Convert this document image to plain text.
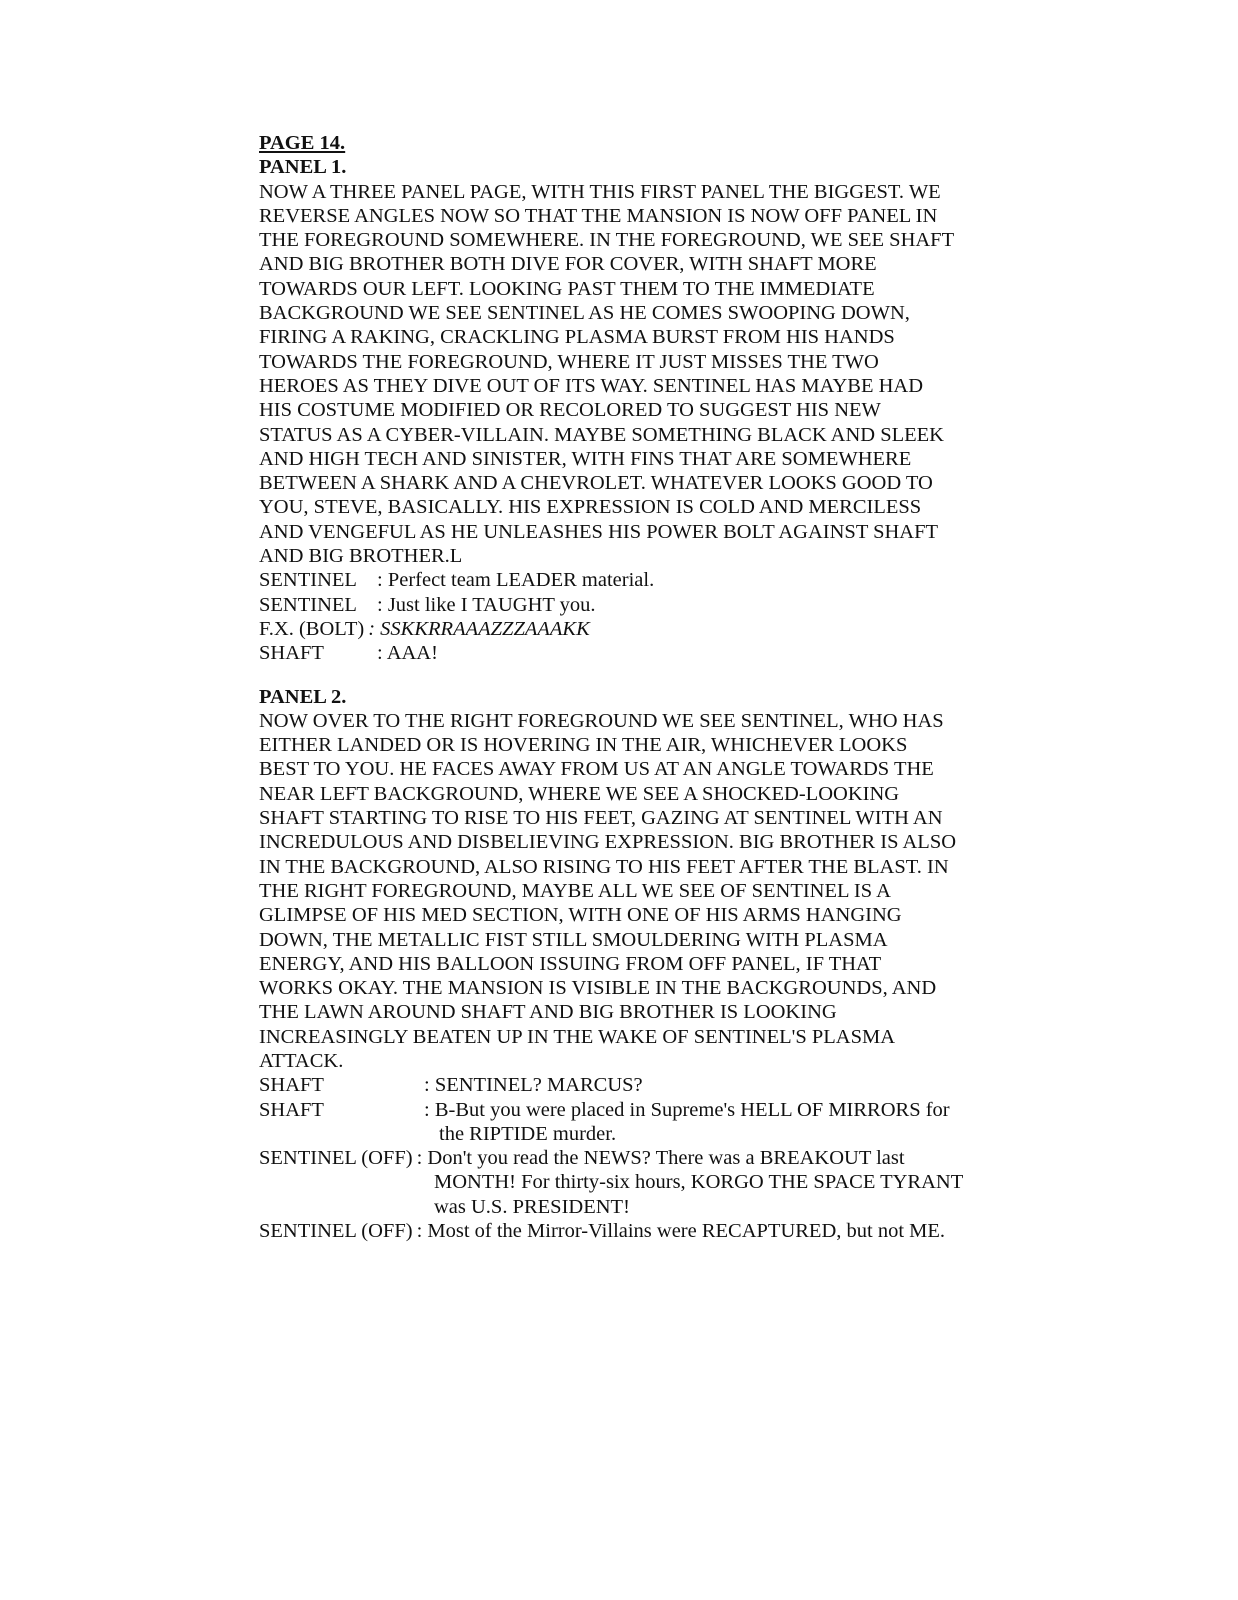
PAGE 14.
PANEL 1.
NOW A THREE PANEL PAGE, WITH THIS FIRST PANEL THE BIGGEST. WE
REVERSE ANGLES NOW SO THAT THE MANSION IS NOW OFF PANEL IN
THE FOREGROUND SOMEWHERE. IN THE FOREGROUND, WE SEE SHAFT
AND BIG BROTHER BOTH DIVE FOR COVER, WITH SHAFT MORE
TOWARDS OUR LEFT. LOOKING PAST THEM TO THE IMMEDIATE
BACKGROUND WE SEE SENTINEL AS HE COMES SWOOPING DOWN,
FIRING A RAKING, CRACKLING PLASMA BURST FROM HIS HANDS
TOWARDS THE FOREGROUND, WHERE IT JUST MISSES THE TWO
HEROES AS THEY DIVE OUT OF ITS WAY. SENTINEL HAS MAYBE HAD
HIS COSTUME MODIFIED OR RECOLORED TO SUGGEST HIS NEW
STATUS AS A CYBER-VILLAIN. MAYBE SOMETHING BLACK AND SLEEK
AND HIGH TECH AND SINISTER, WITH FINS THAT ARE SOMEWHERE
BETWEEN A SHARK AND A CHEVROLET. WHATEVER LOOKS GOOD TO
YOU, STEVE, BASICALLY. HIS EXPRESSION IS COLD AND MERCILESS
AND VENGEFUL AS HE UNLEASHES HIS POWER BOLT AGAINST SHAFT
AND BIG BROTHER.L
SENTINEL : Perfect team LEADER material.
SENTINEL : Just like I TAUGHT you.
F.X. (BOLT) : SSKKRRAAAZZZAAAKK
SHAFT	: AAA!
PANEL 2.
NOW OVER TO THE RIGHT FOREGROUND WE SEE SENTINEL, WHO HAS
EITHER LANDED OR IS HOVERING IN THE AIR, WHICHEVER LOOKS
BEST TO YOU. HE FACES AWAY FROM US AT AN ANGLE TOWARDS THE
NEAR LEFT BACKGROUND, WHERE WE SEE A SHOCKED-LOOKING
SHAFT STARTING TO RISE TO HIS FEET, GAZING AT SENTINEL WITH AN
INCREDULOUS AND DISBELIEVING EXPRESSION. BIG BROTHER IS ALSO
IN THE BACKGROUND, ALSO RISING TO HIS FEET AFTER THE BLAST. IN
THE RIGHT FOREGROUND, MAYBE ALL WE SEE OF SENTINEL IS A
GLIMPSE OF HIS MED SECTION, WITH ONE OF HIS ARMS HANGING
DOWN, THE METALLIC FIST STILL SMOULDERING WITH PLASMA
ENERGY, AND HIS BALLOON ISSUING FROM OFF PANEL, IF THAT
WORKS OKAY. THE MANSION IS VISIBLE IN THE BACKGROUNDS, AND
THE LAWN AROUND SHAFT AND BIG BROTHER IS LOOKING
INCREASINGLY BEATEN UP IN THE WAKE OF SENTINEL'S PLASMA
ATTACK.
SHAFT	: SENTINEL? MARCUS?
SHAFT	: B-But you were placed in Supreme's HELL OF MIRRORS for
the RIPTIDE murder.
SENTINEL (OFF) : Don't you read the NEWS? There was a BREAKOUT last
MONTH! For thirty-six hours, KORGO THE SPACE TYRANT
was U.S. PRESIDENT!
SENTINEL (OFF) : Most of the Mirror-Villains were RECAPTURED, but not ME.
